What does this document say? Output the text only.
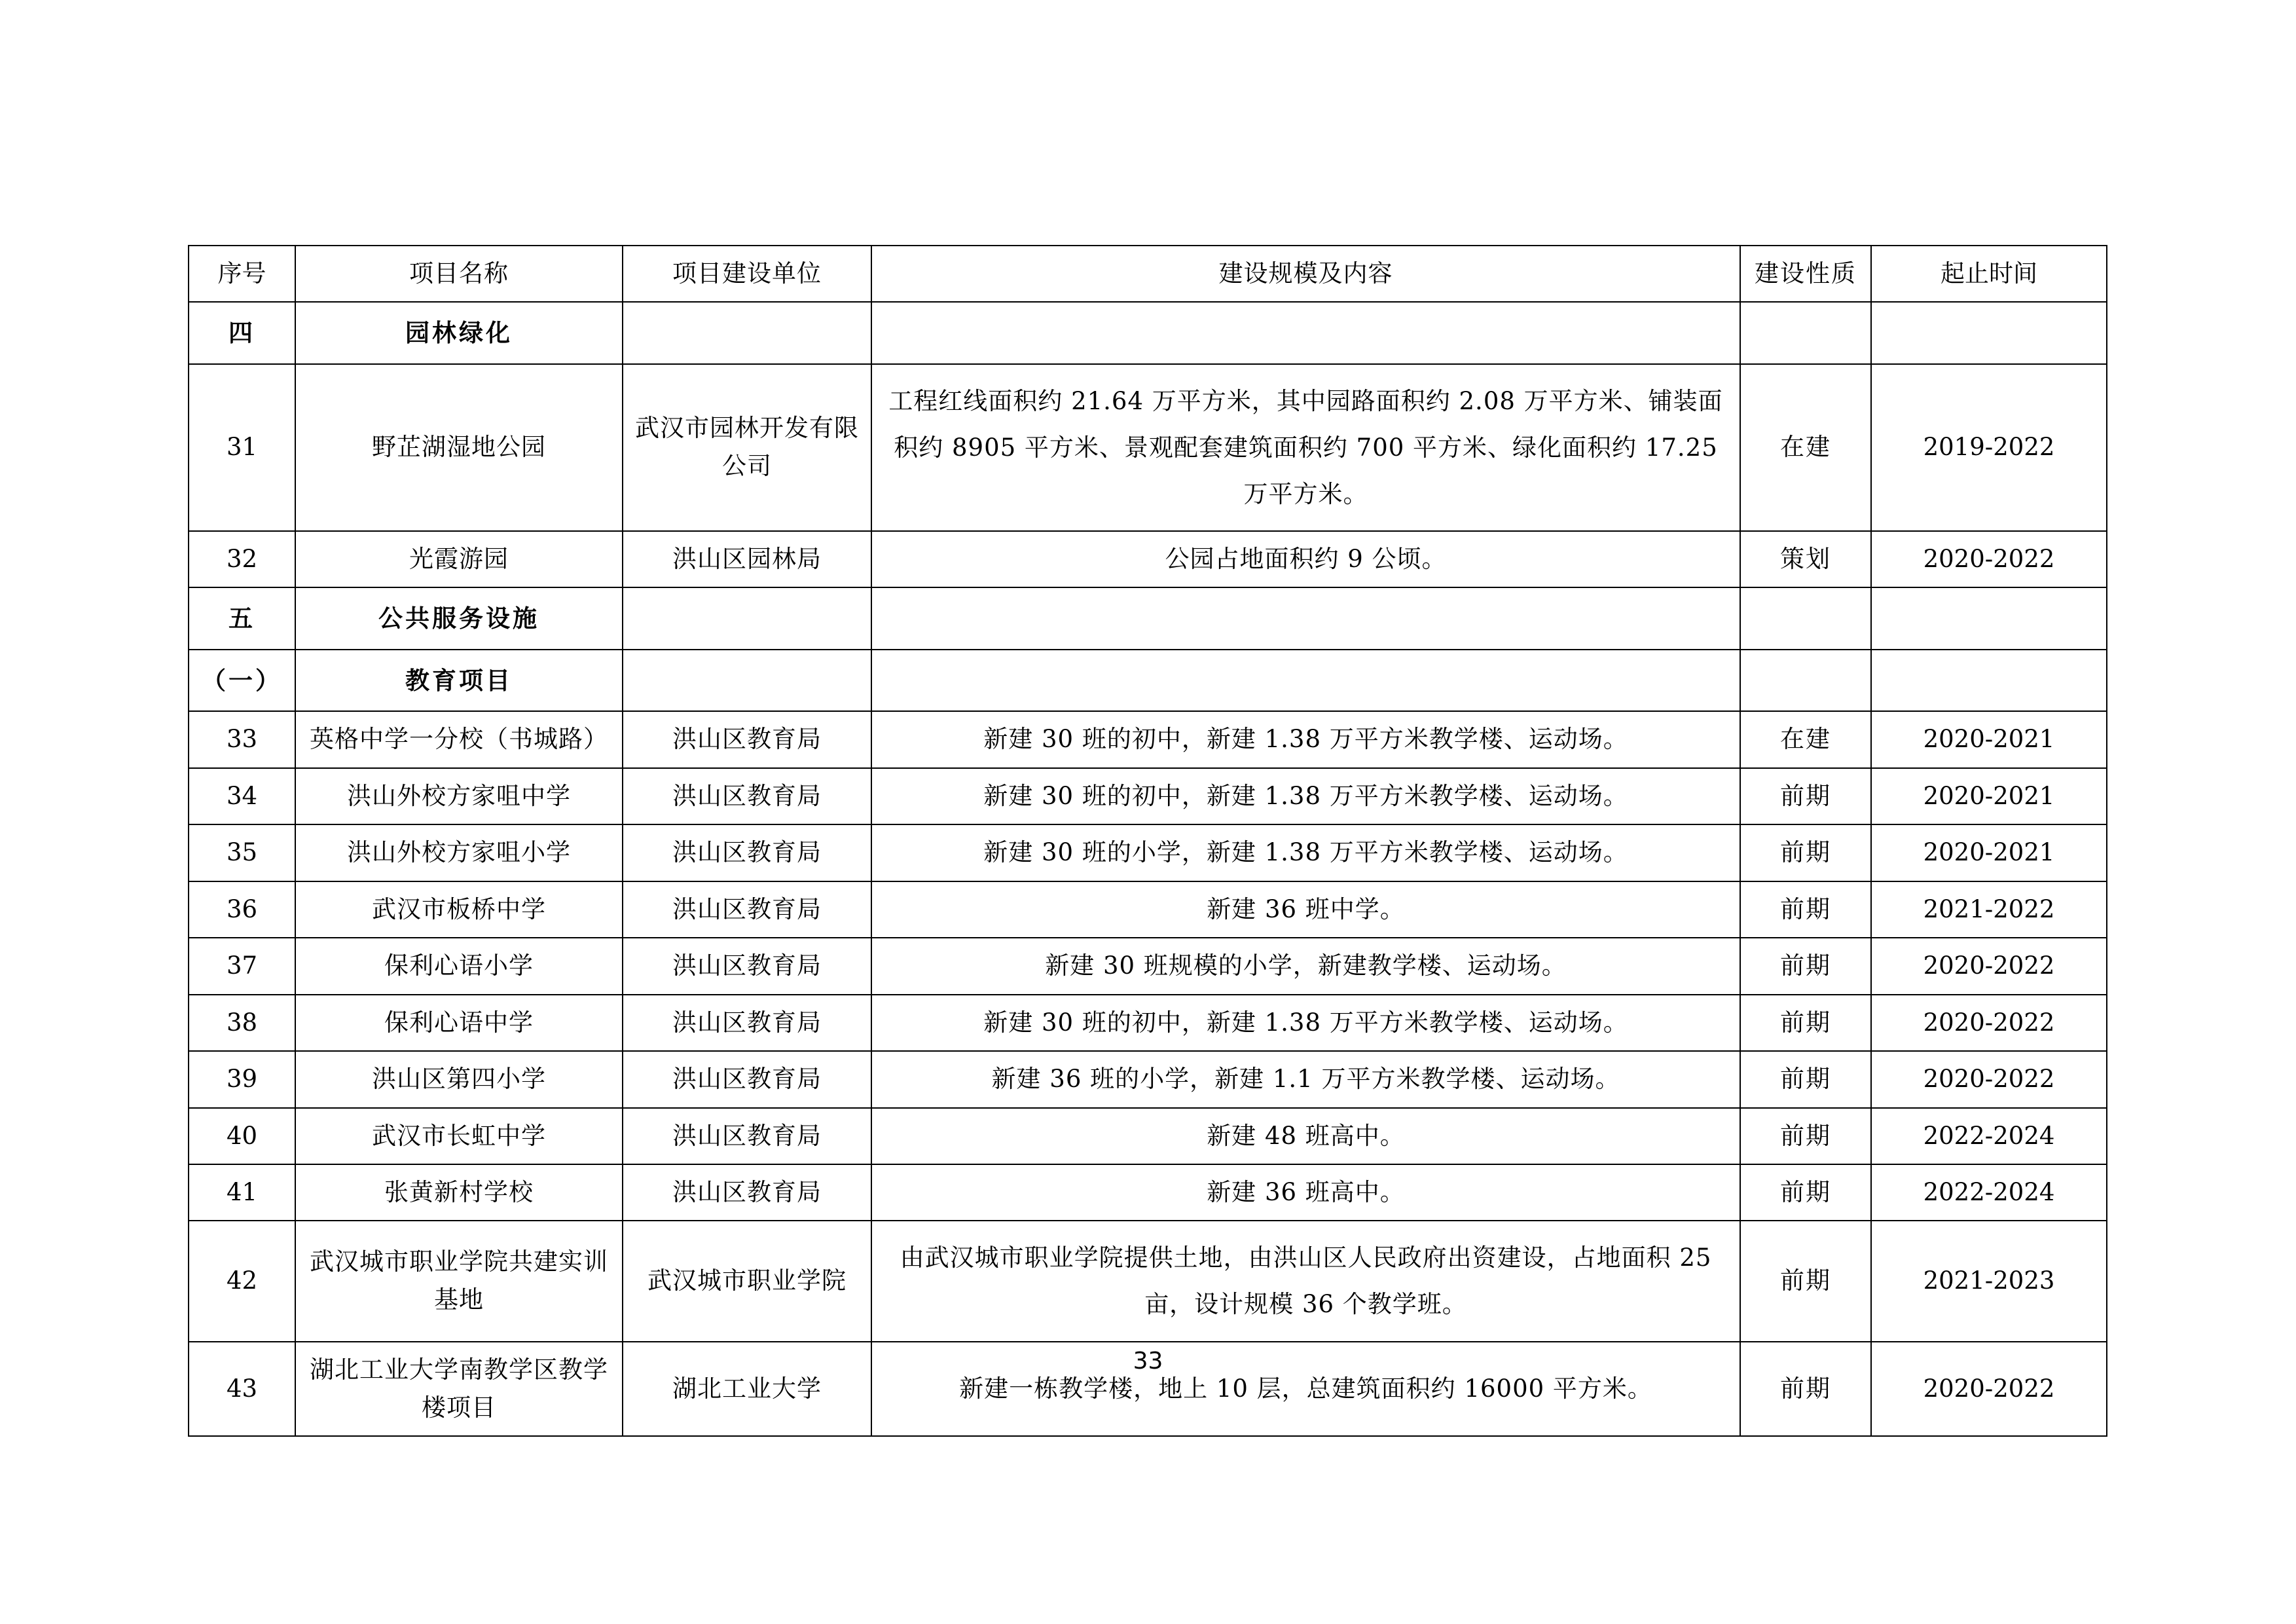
序号	项目名称	项目建设单位	建设规模及内容	建设性质	起止时间
四	园林绿化				
31	野芷湖湿地公园	武汉市园林开发有限公司	工程红线面积约 21.64 万平方米，其中园路面积约 2.08 万平方米、铺装面积约 8905 平方米、景观配套建筑面积约 700 平方米、绿化面积约 17.25 万平方米。	在建	2019-2022
32	光霞游园	洪山区园林局	公园占地面积约 9 公顷。	策划	2020-2022
五	公共服务设施				
（一）	教育项目				
33	英格中学一分校（书城路）	洪山区教育局	新建 30 班的初中，新建 1.38 万平方米教学楼、运动场。	在建	2020-2021
34	洪山外校方家咀中学	洪山区教育局	新建 30 班的初中，新建 1.38 万平方米教学楼、运动场。	前期	2020-2021
35	洪山外校方家咀小学	洪山区教育局	新建 30 班的小学，新建 1.38 万平方米教学楼、运动场。	前期	2020-2021
36	武汉市板桥中学	洪山区教育局	新建 36 班中学。	前期	2021-2022
37	保利心语小学	洪山区教育局	新建 30 班规模的小学，新建教学楼、运动场。	前期	2020-2022
38	保利心语中学	洪山区教育局	新建 30 班的初中，新建 1.38 万平方米教学楼、运动场。	前期	2020-2022
39	洪山区第四小学	洪山区教育局	新建 36 班的小学，新建 1.1 万平方米教学楼、运动场。	前期	2020-2022
40	武汉市长虹中学	洪山区教育局	新建 48 班高中。	前期	2022-2024
41	张黄新村学校	洪山区教育局	新建 36 班高中。	前期	2022-2024
42	武汉城市职业学院共建实训基地	武汉城市职业学院	由武汉城市职业学院提供土地，由洪山区人民政府出资建设，占地面积 25 亩，设计规模 36 个教学班。	前期	2021-2023
43	湖北工业大学南教学区教学楼项目	湖北工业大学	新建一栋教学楼，地上 10 层，总建筑面积约 16000 平方米。	前期	2020-2022
33
